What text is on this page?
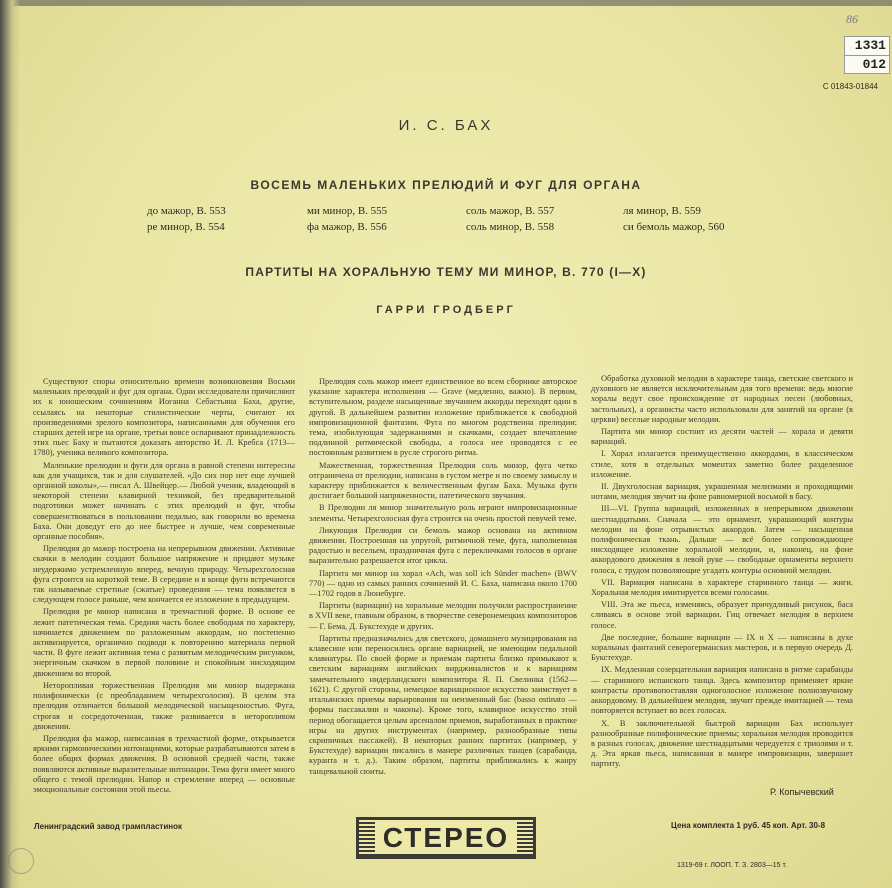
86
1331
012
С 01843-01844
И. С. БАХ
ВОСЕМЬ МАЛЕНЬКИХ ПРЕЛЮДИЙ И ФУГ ДЛЯ ОРГАНА
до мажор, B. 553	ми минор, B. 555	соль мажор, B. 557	ля минор, B. 559
ре минор, B. 554	фа мажор, B. 556	соль минор, B. 558	си бемоль мажор, 560
ПАРТИТЫ НА ХОРАЛЬНУЮ ТЕМУ МИ МИНОР, B. 770 (I—X)
ГАРРИ ГРОДБЕРГ

Существуют споры относительно времени возникновения Восьми маленьких прелюдий и фуг для органа. Одни исследователи причисляют их к юношеским сочинениям Иоганна Себастьяна Баха, другие, ссылаясь на некоторые стилистические черты, считают их произведениями зрелого композитора, написанными для обучения его старших детей игре на органе, третьи вовсе оспаривают принадлежность этих пьес Баху и пытаются доказать авторство И. Л. Кребса (1713—1780), ученика великого композитора.

Маленькие прелюдии и фуги для органа в равной степени интересны как для учащихся, так и для слушателей. «До сих пор нет еще лучшей органной школы»,— писал А. Швейцер.— Любой ученик, владеющий в некоторой степени клавирной техникой, без предварительной подготовки может начинать с этих прелюдий и фуг, чтобы совершенствоваться в пользовании педалью, как говорили во времена Баха. Они доведут его до нее быстрее и лучше, чем современные органные пособия».

Прелюдия до мажор построена на непрерывном движении. Активные скачки в мелодии создают большое напряжение и придают музыке неудержимо устремленную вперед, вечную природу. Четырехголосная фуга строится на короткой теме. В середине и в конце фуги встречаются так называемые стретные (сжатые) проведения — тема появляется в следующем голосе раньше, чем кончается ее изложение в предыдущем.

Прелюдия ре минор написана в трехчастной форме. В основе ее лежит патетическая тема. Средняя часть более свободная по характеру, начинается движением по разложенным аккордам, но постепенно активизируется, органично подводя к повторению материала первой части. В фуге лежит активная тема с развитым мелодическим рисунком, энергичным скачком в первой половине и спокойным нисходящим движением во второй.

Неторопливая торжественная Прелюдия ми минор выдержана полифонически (с преобладанием четырехголосия). В целом эта прелюдия отличается большой мелодической насыщенностью. Фуга, строгая и сосредоточенная, также развивается в неторопливом движении.

Прелюдия фа мажор, написанная в трехчастной форме, открывается яркими гармоническими интонациями, которые разрабатываются затем в более общих формах движения. В основной средней части, также появляются активные выразительные интонации. Тема фуги имеет много общего с темой прелюдии. Напор и стремление вперед — основные эмоциональные состояния этой пьесы.

Прелюдия соль мажор имеет единственное во всем сборнике авторское указание характера исполнения — Grave (медленно, важно). В первом, вступительном, разделе насыщенные звучанием аккорды переходят один в другой. В дальнейшем развитии изложение приближается к свободной импровизационной фантазии. Фуга по многом родственна прелюдии: тема, изобилующая задержаниями и скачками, создает впечатление подлинной ритмической свободы, а голоса нее проводятся с ее постоянным развитием в русле строгого ритма.

Мажественная, торжественная Прелюдия соль минор, фуга четко отграничена от прелюдии, написана в густом метре и по своему замыслу и характеру приближается к величественным фугам Баха. Музыка фуги достигает большой напряженности, патетического звучания.

В Прелюдии ля минор значительную роль играют импровизационные элементы. Четырехголосная фуга строится на очень простой певучей теме.

Ликующая Прелюдия си бемоль мажор основана на активном движении. Построенная на упругой, ритмичной теме, фуга, наполненная радостью и весельем, праздничная фуга с перекличками голосов в органе выразительно разрешается итог цикла.

Партита ми минор на хорал «Ach, was soll ich Sünder machen» (BWV 770) — одно из самых ранних сочинений И. С. Баха, написана около 1700—1702 годов в Люнебурге.

Партиты (вариации) на хоральные мелодии получили распространение в XVII веке, главным образом, в творчестве северонемецких композиторов — Г. Бема, Д. Букстехуде и других.

Партиты предназначались для светского, домашнего музицирования на клавесине или переносились органе вариацией, не имеющим педальной клавиатуры. По своей форме и приемам партиты близко примыкают к светским вариациям английских вирджиналистов и к вариациям замечательного нидерландского композитора Я. П. Свелинка (1562—1621). С другой стороны, немецкое вариационное искусство заимствует в итальянских приемы варьирования на неизменный бас (basso ostinato — формы пассакалии и чаконы). Кроме того, клавирное искусство этой период обогащается целым арсеналом приемов, выработанных в практике игры на других инструментах (например, разнообразные типы скрипичных пассажей). В некоторых ранних партитах (например, у Букстехуде) вариации писались в манере различных танцев (сарабанда, куранта и т. д.). Таким образом, партиты приближались к жанру танцевальной сюиты.

Обработка духовной мелодии в характере танца, светские светского и духовного не является исключительным для того времени: ведь многие хоралы ведут свое происхождение от народных песен (любовных, застольных), а органисты часто использовали для занятий на органе (в церкви) веселые народные мелодии.

Партита ми минор состоит из десяти частей — хорала и девяти вариаций.

I. Хорал излагается преимущественно аккордами, в классическом стиле, хотя в отдельных моментах заметно более разделенное изложение.

II. Двухголосная вариация, украшенная мелизмами и проходящими нотами, мелодия звучит на фоне равномерной восьмой в басу.

III—VI. Группа вариаций, изложенных в непрерывном движении шестнадцатыми. Сначала — это орнамент, украшающий контуры мелодии на фоне отрывистых аккордов. Затем — насыщенная полифоническая ткань. Дальше — всё более сопровождающее нисходящее изложение хоральной мелодии, и, наконец, на фоне аккордового движения в левой руке — свободные орнаменты верхнего голоса, с трудом позволяющие угадать контуры основной мелодии.

VII. Вариация написана в характере старинного танца — жиги. Хоральная мелодия имитируется всеми голосами.

VIII. Эта же пьеса, изменяясь, образует причудливый рисунок, баса сливаясь в основе этой вариации. Гиц отвечает мелодия в верхнем голосе.

Две последние, большие вариации — IX и X — написаны в духе хоральных фантазий северогерманских мастеров, и в первую очередь Д. Букстехуде.

IX. Медленная созерцательная вариация написана в ритме сарабанды — старинного испанского танца. Здесь композитор применяет яркие контрасты противопоставляя одноголосное изложение полнозвучному аккордовому. В дальнейшем мелодия, звучит прежде имитацией — тема повторяется вступает во всех голосах.

X. В заключительной быстрой вариации Бах использует разнообразные полифонические приемы; хоральная мелодия проводится в разных голосах, движение шестнадцатыми чередуется с триолями и т. д. Эта яркая пьеса, написанная в манере импровизации, завершает партиту.

Р. Копычевский
Ленинградский завод грампластинок	СТЕРЕО	Цена комплекта 1 руб. 45 коп. Арт. 30-8
1319-69 г. ЛООП. Т. З. 2803—15 т.
